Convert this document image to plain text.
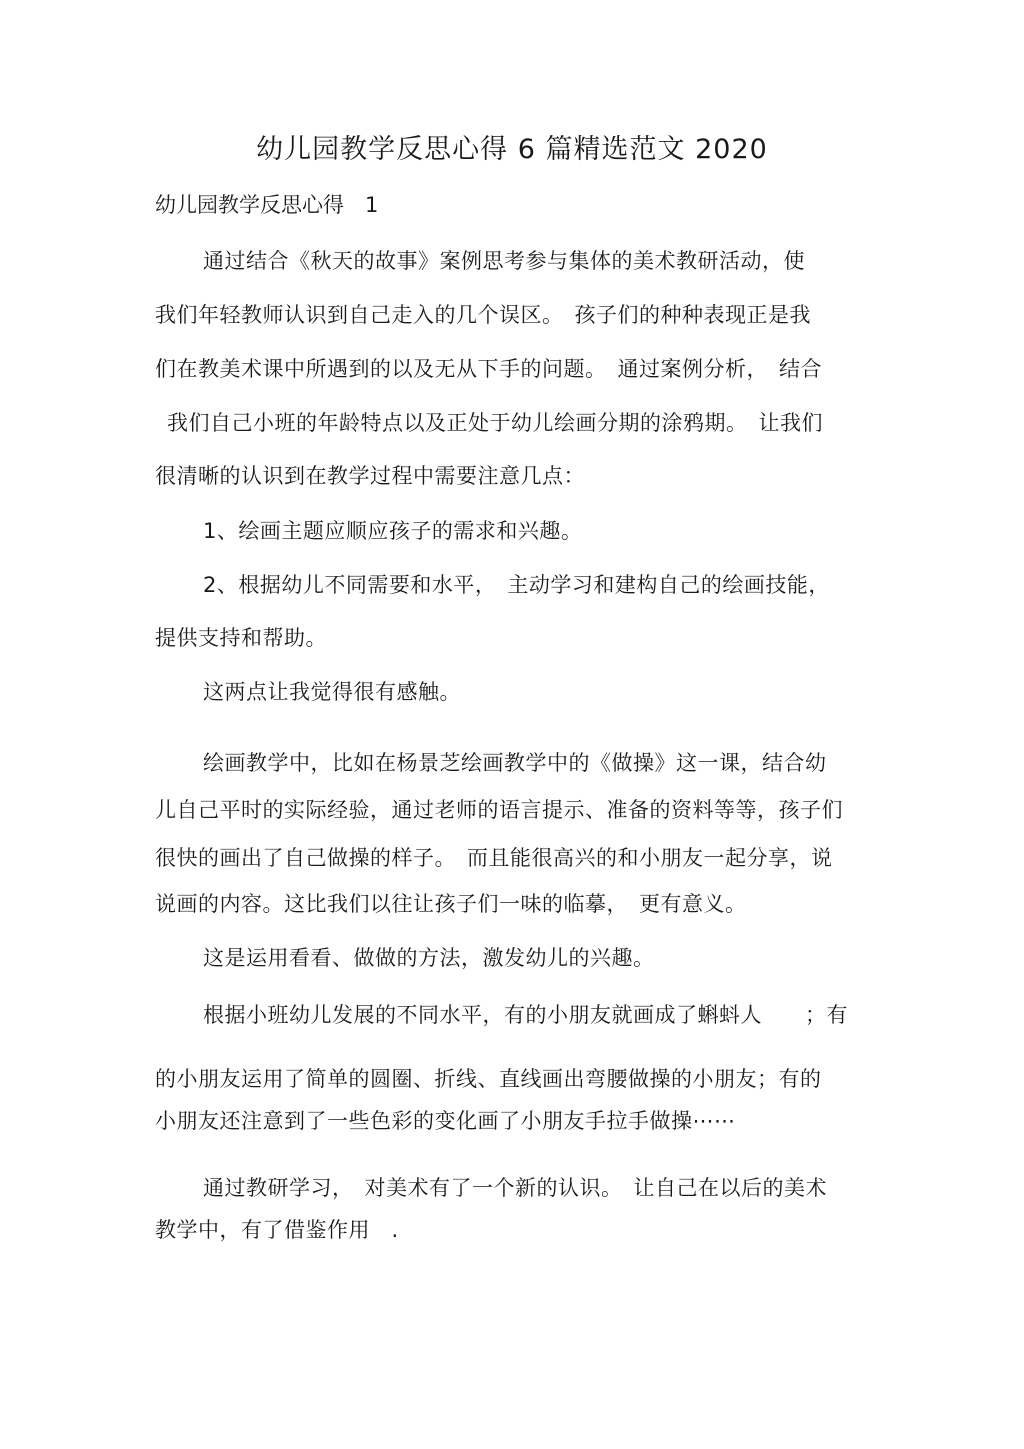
幼儿园教学反思心得 6 篇精选范文 2020
幼儿园教学反思心得　1
通过结合《秋天的故事》案例思考参与集体的美术教研活动，使
我们年轻教师认识到自己走入的几个误区。　孩子们的种种表现正是我
们在教美术课中所遇到的以及无从下手的问题。　通过案例分析，　结合
我们自己小班的年龄特点以及正处于幼儿绘画分期的涂鸦期。　让我们
很清晰的认识到在教学过程中需要注意几点：
1、绘画主题应顺应孩子的需求和兴趣。
2、根据幼儿不同需要和水平，　主动学习和建构自己的绘画技能，
提供支持和帮助。
这两点让我觉得很有感触。
绘画教学中，比如在杨景芝绘画教学中的《做操》这一课，结合幼
儿自己平时的实际经验，通过老师的语言提示、准备的资料等等，孩子们
很快的画出了自己做操的样子。　而且能很高兴的和小朋友一起分享，说
说画的内容。这比我们以往让孩子们一味的临摹，　更有意义。
这是运用看看、做做的方法，激发幼儿的兴趣。
根据小班幼儿发展的不同水平，有的小朋友就画成了蝌蚪人　　；有
的小朋友运用了简单的圆圈、折线、直线画出弯腰做操的小朋友；有的
小朋友还注意到了一些色彩的变化画了小朋友手拉手做操⋯⋯
通过教研学习，　对美术有了一个新的认识。　让自己在以后的美术
教学中，有了借鉴作用　.
